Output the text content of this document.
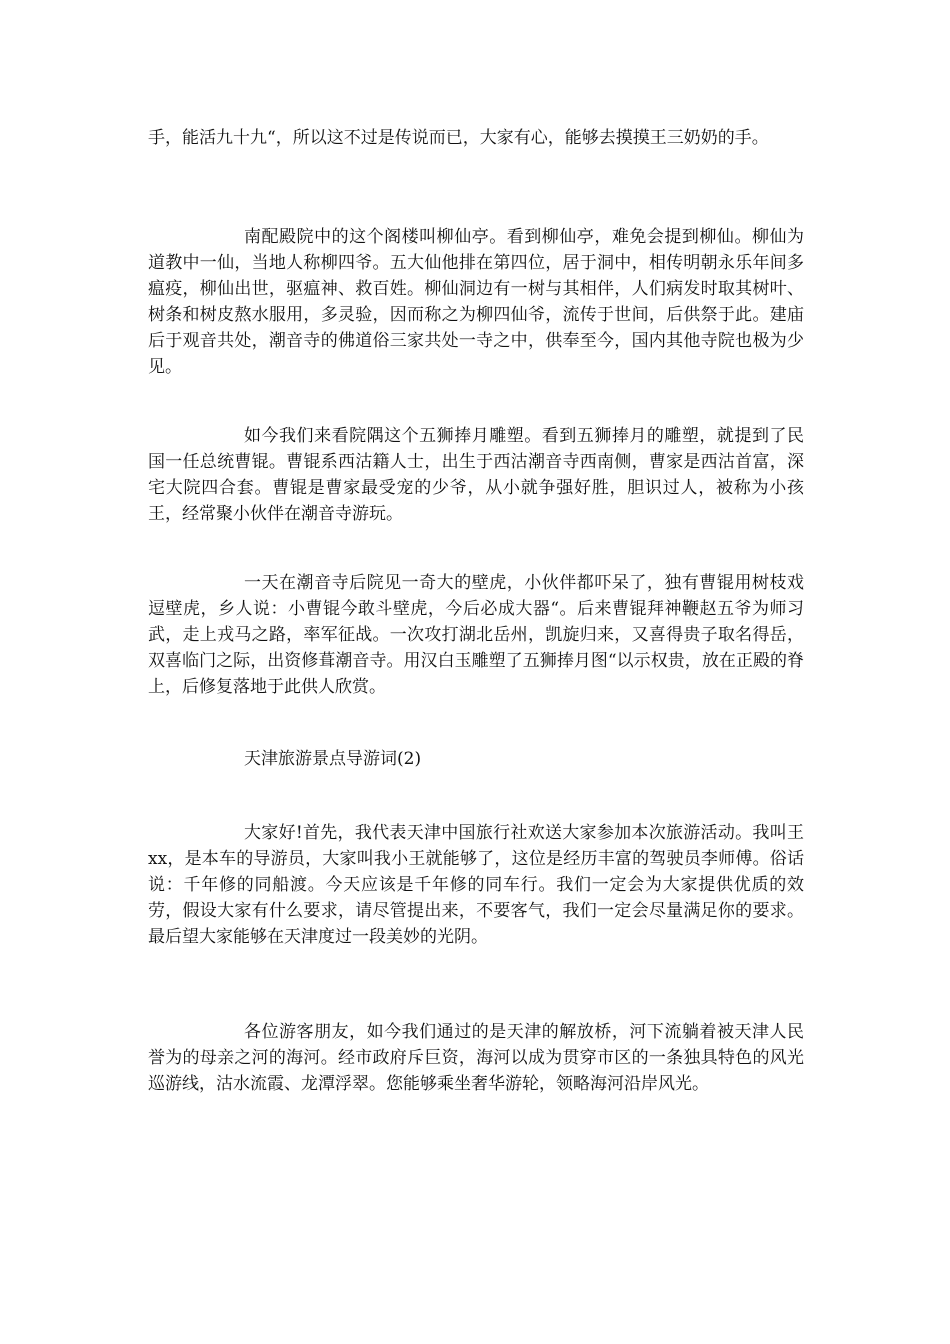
手，能活九十九“，所以这不过是传说而已，大家有心，能够去摸摸王三奶奶的手。

南配殿院中的这个阁楼叫柳仙亭。看到柳仙亭，难免会提到柳仙。柳仙为道教中一仙，当地人称柳四爷。五大仙他排在第四位，居于洞中，相传明朝永乐年间多瘟疫，柳仙出世，驱瘟神、救百姓。柳仙洞边有一树与其相伴，人们病发时取其树叶、树条和树皮熬水服用，多灵验，因而称之为柳四仙爷，流传于世间，后供祭于此。建庙后于观音共处，潮音寺的佛道俗三家共处一寺之中，供奉至今，国内其他寺院也极为少见。

如今我们来看院隅这个五狮捧月雕塑。看到五狮捧月的雕塑，就提到了民国一任总统曹锟。曹锟系西沽籍人士，出生于西沽潮音寺西南侧，曹家是西沽首富，深宅大院四合套。曹锟是曹家最受宠的少爷，从小就争强好胜，胆识过人，被称为小孩王，经常聚小伙伴在潮音寺游玩。

一天在潮音寺后院见一奇大的壁虎，小伙伴都吓呆了，独有曹锟用树枝戏逗壁虎，乡人说：小曹锟今敢斗壁虎，今后必成大器“。后来曹锟拜神鞭赵五爷为师习武，走上戎马之路，率军征战。一次攻打湖北岳州，凯旋归来，又喜得贵子取名得岳，双喜临门之际，出资修葺潮音寺。用汉白玉雕塑了五狮捧月图“以示权贵，放在正殿的脊上，后修复落地于此供人欣赏。

天津旅游景点导游词(2)

大家好!首先，我代表天津中国旅行社欢送大家参加本次旅游活动。我叫王 xx，是本车的导游员，大家叫我小王就能够了，这位是经历丰富的驾驶员李师傅。俗话说：千年修的同船渡。今天应该是千年修的同车行。我们一定会为大家提供优质的效劳，假设大家有什么要求，请尽管提出来，不要客气，我们一定会尽量满足你的要求。最后望大家能够在天津度过一段美妙的光阴。

各位游客朋友，如今我们通过的是天津的解放桥，河下流躺着被天津人民誉为的母亲之河的海河。经市政府斥巨资，海河以成为贯穿市区的一条独具特色的风光巡游线，沽水流霞、龙潭浮翠。您能够乘坐奢华游轮，领略海河沿岸风光。
